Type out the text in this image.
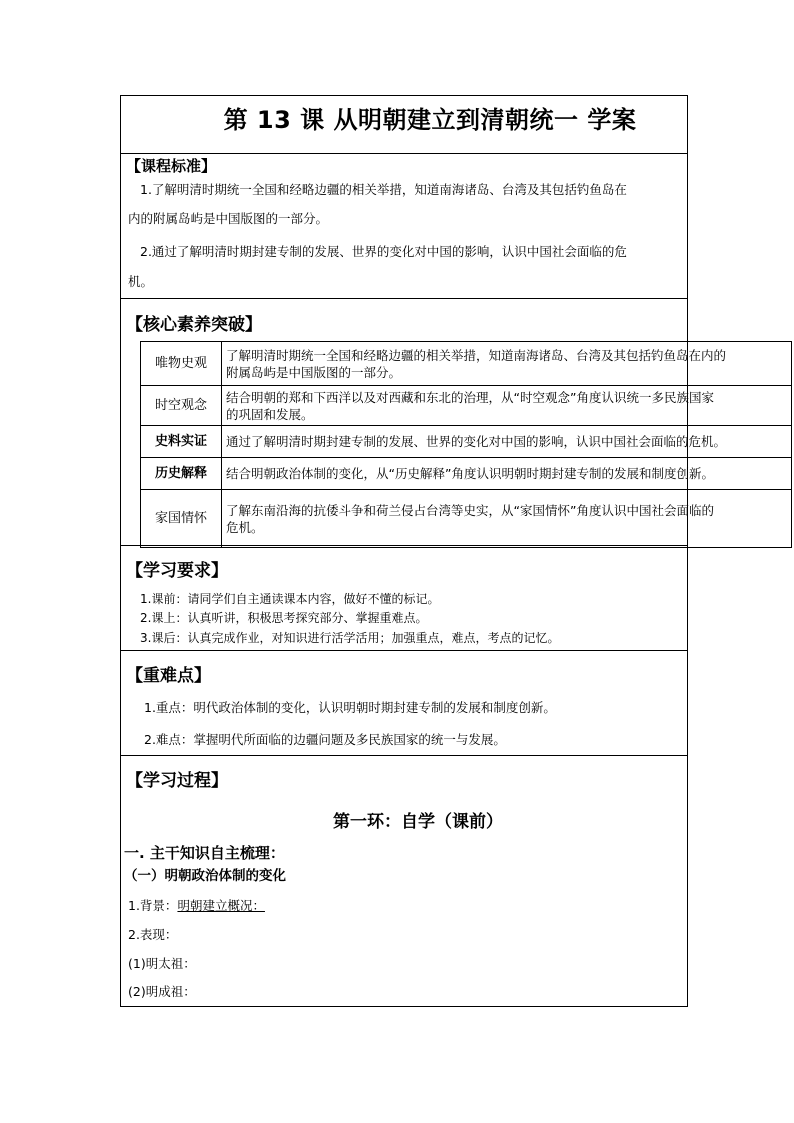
第 13 课 从明朝建立到清朝统一 学案
【课程标准】
1.了解明清时期统一全国和经略边疆的相关举措，知道南海诸岛、台湾及其包括钓鱼岛在
内的附属岛屿是中国版图的一部分。
2.通过了解明清时期封建专制的发展、世界的变化对中国的影响，认识中国社会面临的危
机。
【核心素养突破】
唯物史观	了解明清时期统一全国和经略边疆的相关举措，知道南海诸岛、台湾及其包括钓鱼岛在内的
附属岛屿是中国版图的一部分。
时空观念	结合明朝的郑和下西洋以及对西藏和东北的治理，从“时空观念”角度认识统一多民族国家
的巩固和发展。
史料实证	通过了解明清时期封建专制的发展、世界的变化对中国的影响，认识中国社会面临的危机。
历史解释	结合明朝政治体制的变化，从“历史解释”角度认识明朝时期封建专制的发展和制度创新。
家国情怀	了解东南沿海的抗倭斗争和荷兰侵占台湾等史实，从“家国情怀”角度认识中国社会面临的
危机。
【学习要求】
1.课前：请同学们自主通读课本内容，做好不懂的标记。
2.课上：认真听讲，积极思考探究部分、掌握重难点。
3.课后：认真完成作业，对知识进行活学活用；加强重点，难点，考点的记忆。
【重难点】
1.重点：明代政治体制的变化，认识明朝时期封建专制的发展和制度创新。
2.难点：掌握明代所面临的边疆问题及多民族国家的统一与发展。
【学习过程】
第一环：自学（课前）
一. 主干知识自主梳理：
（一）明朝政治体制的变化
1.背景：明朝建立概况：
2.表现：
(1)明太祖：
(2)明成祖：
